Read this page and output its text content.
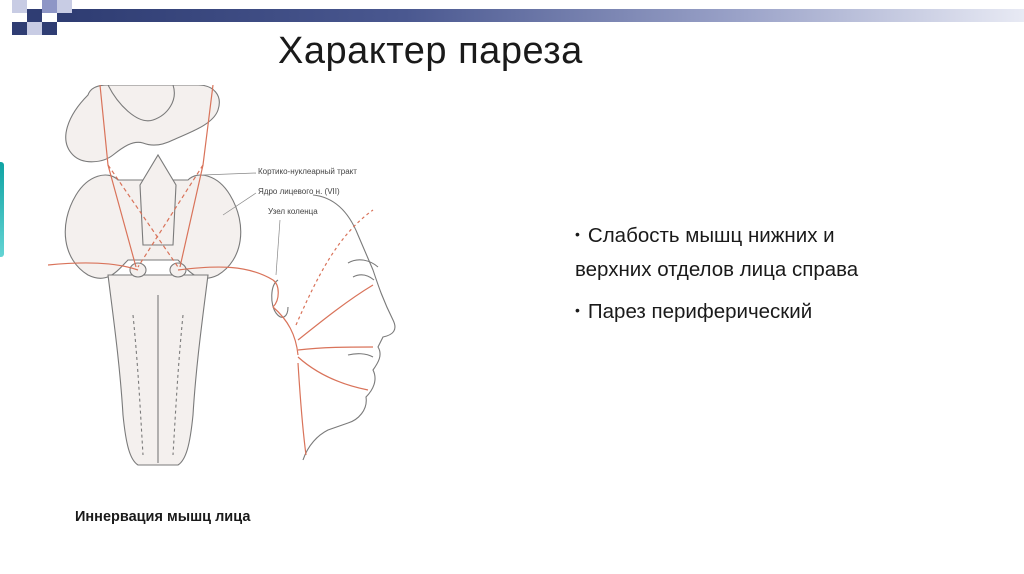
Характер пареза
Кортико-нуклеарный тракт
Ядро лицевого н. (VII)
Узел коленца
• Слабость мышц нижних и верхних отделов лица справа
• Парез периферический
Иннервация мышц лица
